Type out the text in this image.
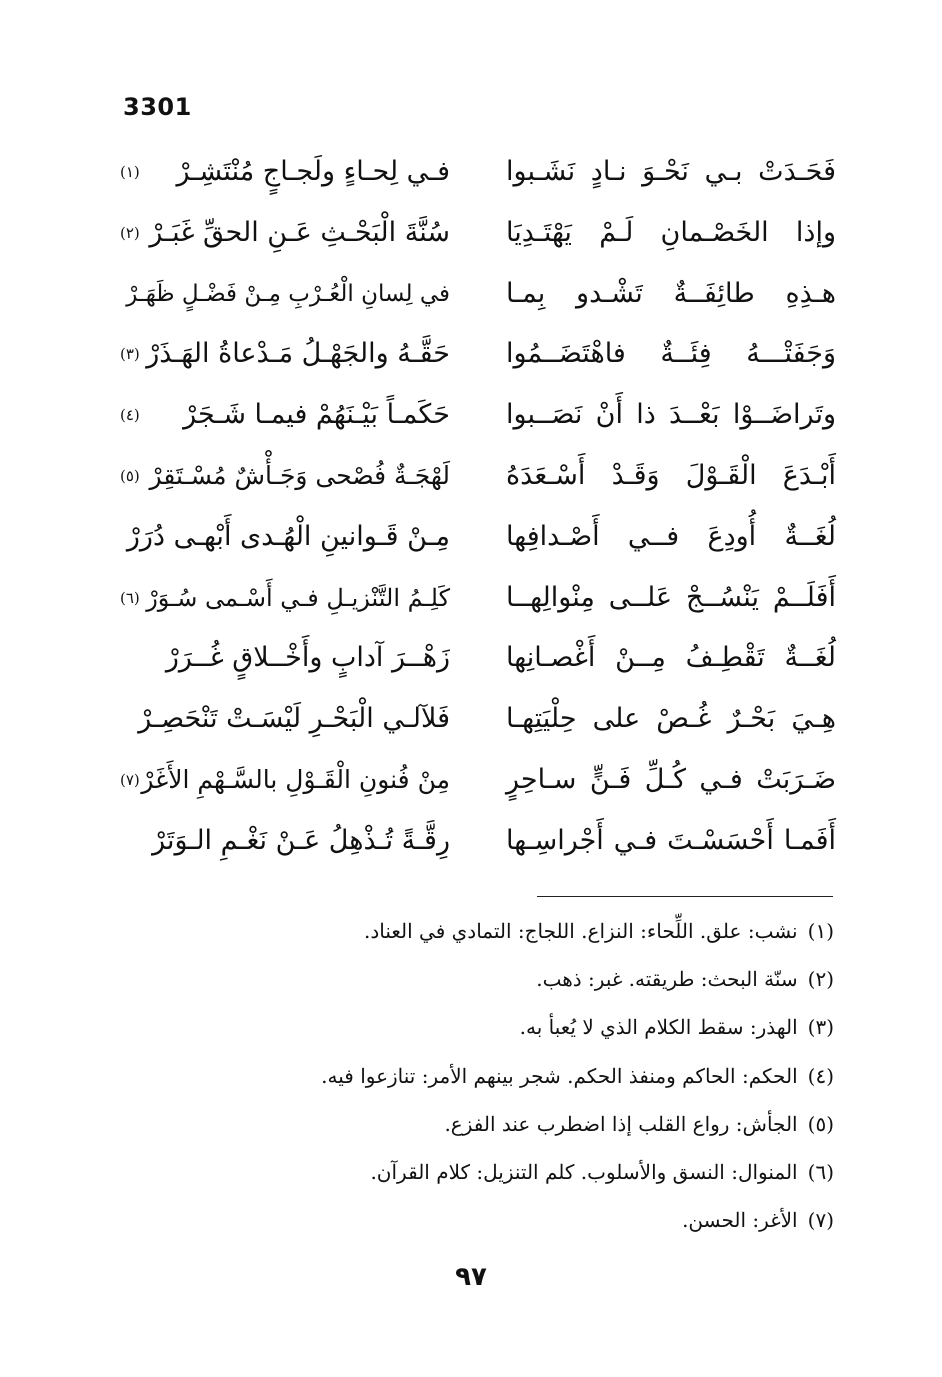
3301
فَحَـدَتْ
بـي
نَحْـوَ
نـادٍ
نَشَـبوا
فـي لِحـاءٍ ولَجـاجٍ مُنْتَشِـرْ
(١)
وإذا
الخَصْـمانِ
لَـمْ
يَهْتَـدِيَا
سُنَّةَ الْبَحْـثِ عَـنِ الحقِّ غَبَـرْ
(٢)
هـذِهِ
طائِفَــةٌ
تَشْـدو
بِمـا
في لِسانِ الْعُـرْبِ مِـنْ فَضْـلٍ ظَهَـرْ
وَجَفَتْـــهُ
فِئَــةٌ
فاهْتَضَــمُوا
حَقَّـهُ والجَهْـلُ مَـدْعاةُ الهَـذَرْ
(٣)
وتَراضَــوْا
بَعْــدَ
ذا
أَنْ
نَصَــبوا
حَكَمـاً بَيْـنَهُمْ فيمـا شَـجَرْ
(٤)
أَبْـدَعَ
الْقَـوْلَ
وَقَـدْ
أَسْـعَدَهُ
لَهْجَـةٌ فُصْحى وَجَـأْشٌ مُسْـتَقِرْ
(٥)
لُغَــةٌ
أُودِعَ
فــي
أَصْـدافِها
مِـنْ قَـوانينِ الْهُـدى أَبْهـى دُرَرْ
أَفَلَــمْ
يَنْسُــجْ
عَلــى
مِنْوالِهــا
كَلِـمُ التَّنْزيـلِ فـي أَسْـمى سُـوَرْ
(٦)
لُغَــةٌ
تَقْطِـفُ
مِــنْ
أَغْصـانِها
زَهْــرَ آدابٍ وأَخْــلاقٍ غُــرَرْ
هِـيَ
بَحْـرٌ
غُـصْ
على
حِلْيَتِهـا
فَلآلـي الْبَحْـرِ لَيْسَـتْ تَنْحَصِـرْ
ضَـرَبَتْ
فـي
كُـلِّ
فَـنٍّ
سـاحِرٍ
مِنْ فُنونِ الْقَـوْلِ بالسَّـهْمِ الأَغَرْ
(٧)
أَفَمـا
أَحْسَسْـتَ
فـي
أَجْراسِـها
رِقَّـةً تُـذْهِلُ عَـنْ نَغْـمِ الـوَتَرْ
(١)نشب: علق. اللِّحاء: النزاع. اللجاج: التمادي في العناد.
(٢)سنّة البحث: طريقته. غبر: ذهب.
(٣)الهذر: سقط الكلام الذي لا يُعبأ به.
(٤)الحكم: الحاكم ومنفذ الحكم. شجر بينهم الأمر: تنازعوا فيه.
(٥)الجأش: رواع القلب إذا اضطرب عند الفزع.
(٦)المنوال: النسق والأسلوب. كلم التنزيل: كلام القرآن.
(٧)الأغر: الحسن.
٩٧
